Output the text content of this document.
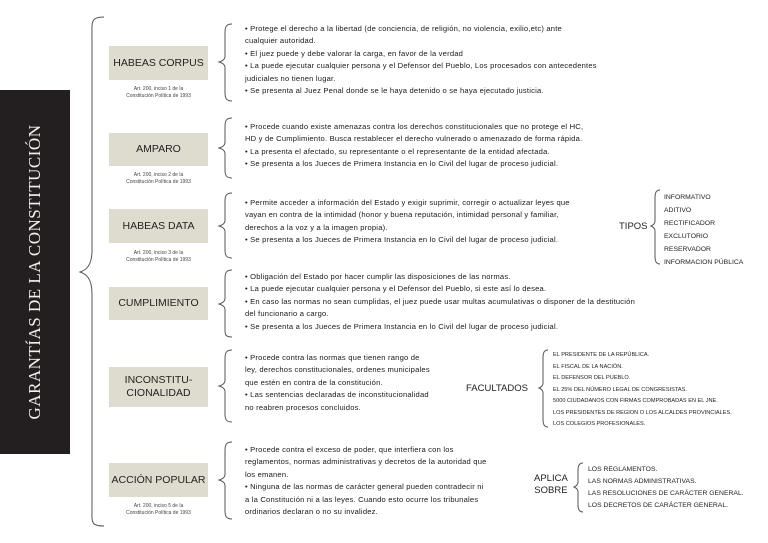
GARANTÍAS DE LA CONSTITUCIÓN
HABEAS CORPUS
Art. 200, inciso 1 de la
Constitución Política de 1993

• Protege el derecho a la libertad (de conciencia, de religión, no violencia, exilio,etc) ante

cualquier autoridad.

• El juez puede y debe valorar la carga, en favor de la verdad

• La puede ejecutar cualquier persona y el Defensor del Pueblo, Los procesados con antecedentes

judiciales no tienen lugar.

• Se presenta al Juez Penal donde se le haya detenido o se haya ejecutado justicia.

AMPARO
Art. 200, inciso 2 de la
Constitución Política de 1993

• Procede cuando existe amenazas contra los derechos constitucionales que no protege el HC,

HD y de Cumplimiento. Busca restablecer el derecho vulnerado o amenazado de forma rápida.

• La presenta el afectado, su representante o el representante de la entidad afectada.

• Se presenta a los Jueces de Primera Instancia en lo Civil del lugar de proceso judicial.

HABEAS DATA
Art. 200, inciso 3 de la
Constitución Política de 1993

• Permite acceder a información del Estado y exigir suprimir, corregir o actualizar leyes que

vayan en contra de la intimidad (honor y buena reputación, intimidad personal y familiar,

derechos a la voz y a la imagen propia).

• Se presenta a los Jueces de Primera Instancia en lo Civil del lugar de proceso judicial.

TIPOS

INFORMATIVO

ADITIVO

RECTIFICADOR

EXCLUTORIO

RESERVADOR

INFORMACION PÚBLICA

CUMPLIMIENTO

• Obligación del Estado por hacer cumplir las disposiciones de las normas.

• La puede ejecutar cualquier persona y el Defensor del Pueblo, si este así lo desea.

• En caso las normas no sean cumplidas, el juez puede usar multas acumulativas o disponer de la destitución

del funcionario a cargo.

• Se presenta a los Jueces de Primera Instancia en lo Civil del lugar de proceso judicial.

INCONSTITU-
CIONALIDAD

• Procede contra las normas que tienen rango de

ley, derechos constitucionales, ordenes municipales

que estén en contra de la constitución.

• Las sentencias declaradas de inconstitucionalidad

no reabren procesos concluidos.

FACULTADOS

EL PRESIDENTE DE LA REPÚBLICA.

EL FISCAL DE LA NACIÓN.

EL DEFENSOR DEL PUEBLO.

EL 25% DEL NÚMERO LEGAL DE CONGRESISTAS.

5000 CIUDADANOS CON FIRMAS COMPROBADAS EN EL JNE.

LOS PRESIDENTES DE REGION O LOS ALCALDES PROVINCIALES.

LOS COLEGIOS PROFESIONALES.

ACCIÓN POPULAR
Art. 200, inciso 5 de la
Constitución Política de 1993

• Procede contra el exceso de poder, que interfiera con los

reglamentos, normas administrativas y decretos de la autoridad que

los emanen.

• Ninguna de las normas de carácter general pueden contradecir ni

a la Constitución ni a las leyes. Cuando esto ocurre los tribunales

ordinarios declaran o no su invalidez.

APLICA
SOBRE

LOS REGLAMENTOS.

LAS NORMAS ADMINISTRATIVAS.

LAS RESOLUCIONES DE CARÁCTER GENERAL.

LOS DECRETOS DE CARÁCTER GENERAL.
